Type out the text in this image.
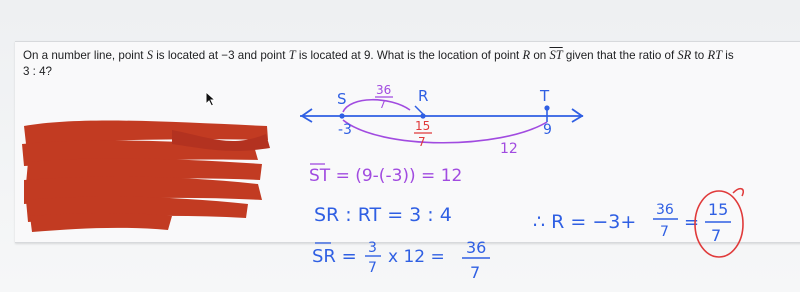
On a number line, point S is located at −3 and point T is located at 9. What is the location of point R on $\overline{ST}$ given that the ratio of SR to RT is
3 : 4?

S	R	T
36
7
-3	15
7
9
12
ST = (9-(-3)) = 12
SR : RT = 3 : 4
SR = 3
7
x 12 = 36
7
∴ R = −3+
36
7 =
15
7
